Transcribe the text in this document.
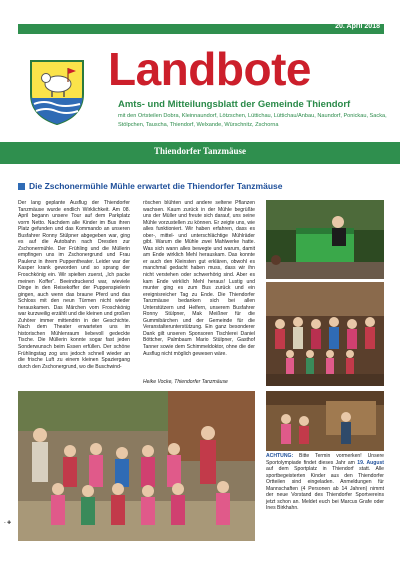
20. April 2018
Landbote
Amts- und Mitteilungsblatt der Gemeinde Thiendorf
mit den Ortsteilen Dobra, Kleinnaundorf, Lötzschen, Lüttichau, Lüttichau/Anbau, Naundorf, Ponickau, Sacka, Stölpchen, Tauscha, Thiendorf, Welxande, Würschnitz, Zschorna
Thiendorfer Tanzmäuse
Die Zschonermühle Mühle erwartet die Thiendorfer Tanzmäuse
Der lang geplante Ausflug der Thiendorfer Tanzmäuse wurde endlich Wirklichkeit. Am 08. April begann unsere Tour auf dem Parkplatz vorm Netto. Nachdem alle Kinder im Bus ihren Platz gefunden und das Kommando an unseren Busfahrer Ronny Stülpner abgegeben war, ging es auf die Autobahn nach Dresden zur Zschonermühle. Der Frühling und die Müllerin empfingen uns im Zschonergrund und Frau Paulenz in ihrem Puppentheater. Leider war der Kasper krank geworden und so sprang der Froschkönig ein. Wir spielten zuerst, „Ich packe meinen Koffer“. Beeindruckend war, wieviele Dinge in den Reisekoffer der Puppenspielerin gingen, auch wenn das braune Pferd und das Schloss mit den neun Türmen nicht wieder herauskamen. Das Märchen vom Froschkönig war kurzweilig erzählt und die kleinen und großen Zuhörer immer mittendrin in der Geschichte. Nach dem Theater erwarteten uns im historischen Mühlenraum liebevoll gedeckte Tische. Die Müllerin konnte sogar fast jeden Sonderwunsch beim Essen erfüllen. Der schöne Frühlingstag zog uns jedoch schnell wieder an die frische Luft zu einem kleinen Spaziergang durch den Zschonergrund, wo die Buschwind-
röschen blühten und andere seltene Pflanzen wachsen. Kaum zurück in der Mühle begrüßte uns der Müller und freute sich darauf, uns seine Mühle vorzustellen zu können. Er zeigte uns, wie alles funktioniert. Wir haben erfahren, dass es ober-, mittel- und unterschlächtige Mühlräder gibt. Warum die Mühle zwei Mahlwerke hatte. Was sich wann alles bewegte und warum, damit am Ende wirklich Mehl herauskam. Das konnte er auch den Kleinsten gut erklären, obwohl es manchmal gedacht haben muss, dass wir ihn nicht verstehen oder schwerhörig sind. Aber es kam Ende wirklich Mehl heraus! Lustig und munter ging es zum Bus zurück und ein ereignisreicher Tag zu Ende. Die Thiendorfer Tanzmäuse bedanken sich bei allen Unterstützern und Helfern, unserem Busfahrer Ronny Stülpner, Mak Meißner für die Gummibärchen und der Gemeinde für die Veranstalterunterstützung. Ein ganz besonderer Dank gilt unseren Sponsoren Tischlerei Daniel Böttcher, Palmbaum Mario Stülpner, Gasthof Tanner sowie dem Schimmeldoktor, ohne die der Ausflug nicht möglich gewesen wäre.
Heike Vocke, Thiendorfer Tanzmäuse
ACHTUNG: Bitte Termin vormerken! Unsere Sportolympiade findet dieses Jahr am 19. August auf dem Sportplatz in Thiendorf statt. Alle sportbegeisterten Kinder aus den Thiendorfer Ortteilen sind eingeladen. Anmeldungen für Mannschaften (4 Personen ab 14 Jahren) nimmt der neue Vorstand des Thiendorfer Sportvereins jetzt schon an. Meldet euch bei Marcus Grafe oder Ines Birkhahn.
- ✚
